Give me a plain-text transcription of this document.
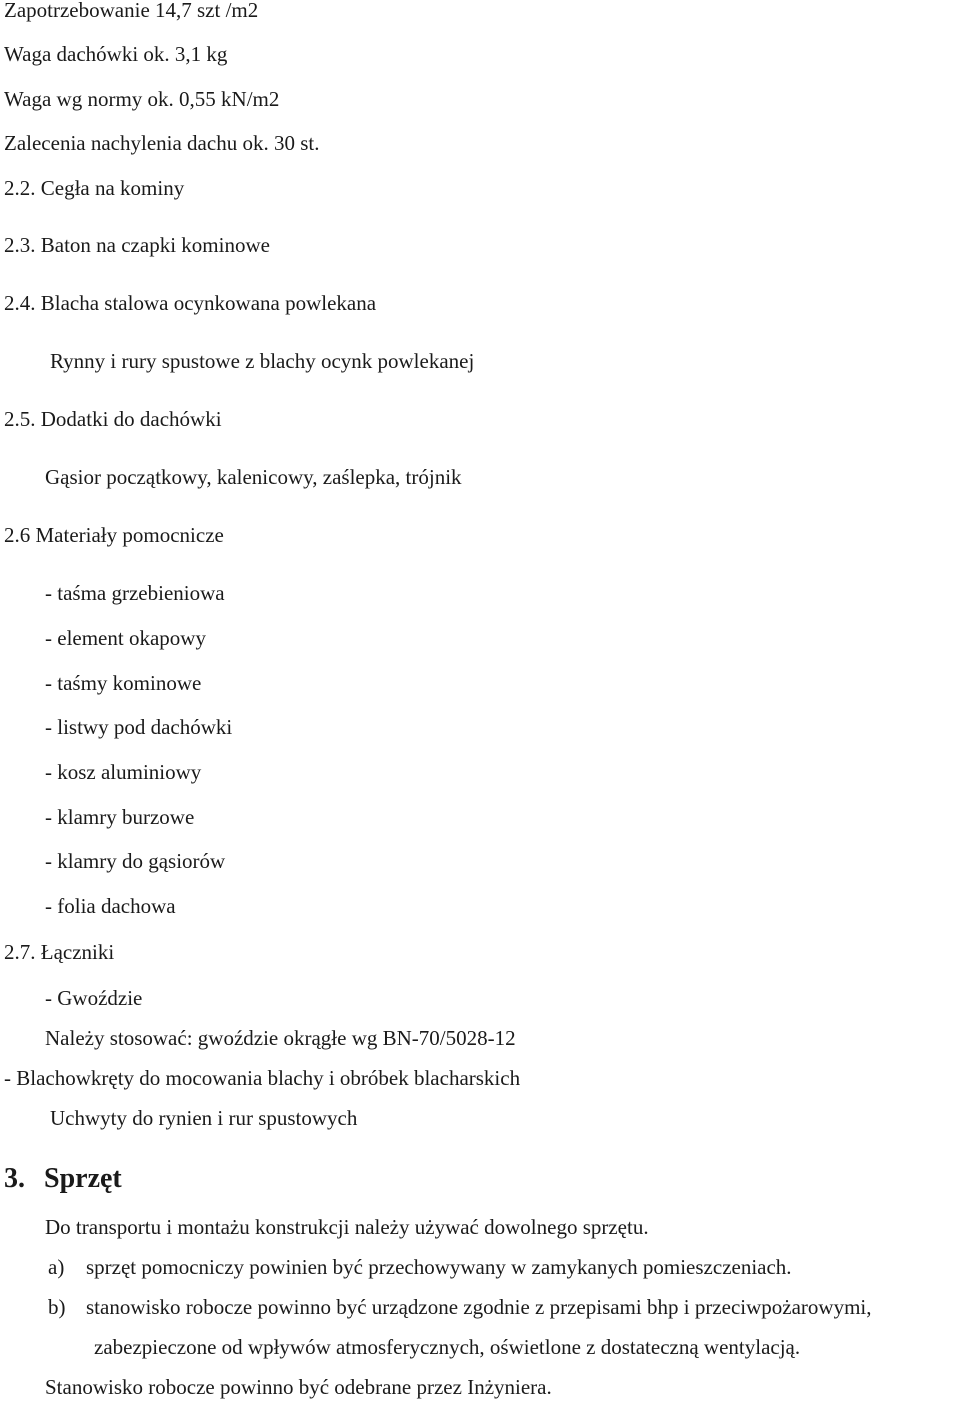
Zapotrzebowanie 14,7 szt /m2

Waga dachówki ok. 3,1 kg

Waga wg normy ok. 0,55 kN/m2

Zalecenia nachylenia dachu ok. 30 st.

2.2. Cegła na kominy

2.3. Baton na czapki kominowe

2.4. Blacha stalowa ocynkowana powlekana

Rynny i rury spustowe z blachy ocynk powlekanej

2.5. Dodatki do dachówki

Gąsior początkowy, kalenicowy, zaślepka, trójnik

2.6 Materiały pomocnicze

- taśma grzebieniowa

- element okapowy

- taśmy kominowe

- listwy pod dachówki

- kosz aluminiowy

- klamry burzowe

- klamry do gąsiorów

- folia dachowa

2.7. Łączniki

- Gwoździe

Należy stosować: gwoździe okrągłe wg BN-70/5028-12

- Blachowkręty do mocowania blachy i obróbek blacharskich

Uchwyty do rynien i rur spustowych

3. Sprzęt

Do transportu i montażu konstrukcji należy używać dowolnego sprzętu.

a) sprzęt pomocniczy powinien być przechowywany w zamykanych pomieszczeniach.

b) stanowisko robocze powinno być urządzone zgodnie z przepisami bhp i przeciwpożarowymi,

zabezpieczone od wpływów atmosferycznych, oświetlone z dostateczną wentylacją.

Stanowisko robocze powinno być odebrane przez Inżyniera.
